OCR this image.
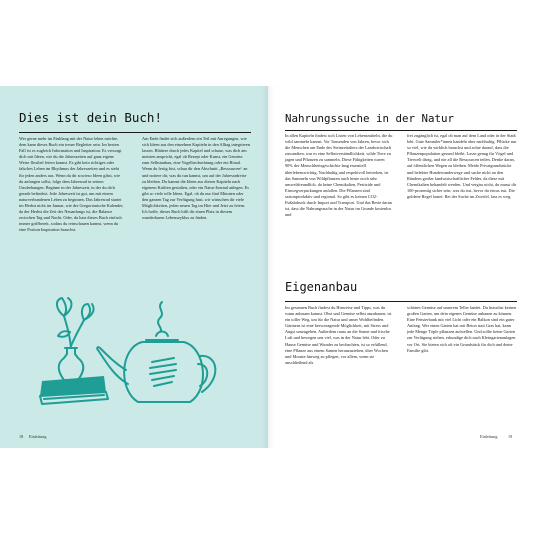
Dies ist dein Buch!

Wer gerne mehr im Einklang mit der Natur leben möchte, dem kann dieses Buch ein treuer Begleiter sein. Im besten Fall ist es zugleich Information und Inspiration. Es versorgt dich mit Ideen, wie du die Jahreszeiten auf ganz eigene Weise flexibel feiern kannst. Es gibt kein richtiges oder falsches Leben im Rhythmus der Jahreszeiten und es steht für jeden anders aus. Wenn du dir sowieso Ideen gibst, wie du anfangen sollst, folge dem Jahresrad in seinen Umdrehungen. Beginne in der Jahreszeit, in der du dich gerade befindest. Jede Jahreszeit ist gut, um mit einem naturverbundenen Leben zu beginnen. Das Jahresrad startet im Herbst nicht im Januar, wie der Gregorianische Kalender, da der Herbst die Zeit des Neuanfangs ist, die Balance zwischen Tag und Nacht. Oder, du hast dieses Buch einfach immer griffbereit, sodass du reinschauen kannst, wenn du eine Portion Inspiration brauchst.

Am Ende findet sich außerdem ein Teil mit Anregungen, wie sich Ideen aus den einzelnen Kapiteln in den Alltag integrieren lassen. Blättere durch jedes Kapitel und schaue, was dich am meisten anspricht, egal ob Rezept oder Kunst, ein Gemüse zum Selbstanbau, eine Vogelbeobachtung oder ein Ritual. Wenn du fertig bist, schau dir den Abschnitt „Ressourcen“ an und notiere dir, was du tun kannst, um auf der Jahresradreise zu bleiben. Du kannst die Ideen aus diesen Kapiteln nach eigenem Kräften gestalten, oder ein Natur-Journal anlegen. Es gibt so viele tolle Ideen. Egal, ob du nur fünf Minuten oder den ganzen Tag zur Verfügung hast, wir wünschen dir viele Möglichkeiten, jeden neuen Tag im Hier und Jetzt zu feiern. Ich hoffe, dieses Buch hilft dir einen Platz in diesem wunderbaren Lebenszyklus zu finden.

18 Einleitung
Nahrungssuche in der Natur

In allen Kapiteln findest sich Listen von Lebensmitteln, die du wild sammeln kannst. Vor Tausenden von Jahren, bevor sich die Menschen am Ende des Steinzeitalters der Landwirtschaft zuwandten, war es eine Selbstverständlichkeit, wilde Tiere zu jagen und Pflanzen zu sammeln. Diese Fähigkeiten waren 90% der Menschheitsgeschichte lang essentiell überlebenswichtig. Nachhaltig und respektvoll betrieben, ist das Sammeln von Wildpflanzen auch heute noch sehr umweltfreundlich, da keine Chemikalien, Pestizide und Einwegverpackungen anfallen. Die Pflanzen sind saisonproduktiv und regional. So gibt es keinen CO2-Fußabdruck durch Import und Transport. Und das Beste daran ist, dass die Nahrungssuche in der Natur im Grunde kostenlos und

frei zugänglich ist, egal ob man auf dem Land oder in der Stadt lebt. Gute Sammler*innen handeln aber nachhaltig. Pflücke nur so viel, wie du wirklich brauchst und achte darauf, dass die Pflanzenpopulation gesund bleibt. Lasse genug für Vögel und Tierwelt übrig, und nie all die Ressourcen teilen. Denke daran, auf öffentlichen Wegen zu bleiben. Meide Privatgrundstücke und belebter Hundewanderwege und suche nicht an den Rändern großer landwirtschaftlicher Felder, da diese mit Chemikalien behandelt werden. Und vergiss nicht, du musst dir 100-prozentig sicher sein, was du isst, bevor du etwas isst. Die goldene Regel lautet: Bei der Suche im Zweifel, lass es weg.

Eigenanbau

Im gesamten Buch findest du Hinweise und Tipps, was du wann anbauen kannst. Obst und Gemüse selbst anzubauen, ist ein toller Weg, um für die Natur und unser Wohlbefinden. Gärtnern ist eine hervorragende Möglichkeit, mit Stress und Angst umzugehen. Außerdem rauss an die Sonne und frische Luft und bewegen uns viel, was in der Natur lebt. Oder zu Hause Gemüse und Wunder zu beobachten, ist so erfüllend, eine Pflanze aus einem Samen heranzuziehen, über Wochen und Monate hinweg zu pflegen, vor allem, wenn sie anschließend als

schönes Gemüse auf unserem Teller landet. Du brauchst keinen großen Garten, um dein eigenes Gemüse anbauen zu können. Eine Fensterbank mit viel Licht oder ein Balkon sind ein guter Anfang. Wer einen Garten hat mit Beton statt Gras hat, kann jede Menge Töpfe pflanzen aufstellen. Und sollte keine Garten zur Verfügung stehen, erkundige dich nach Kleingartenanlagen vor Ort. Sie bieten sich oft ein Grundstück für dich und deine Familie gibt.

Einleitung	19
